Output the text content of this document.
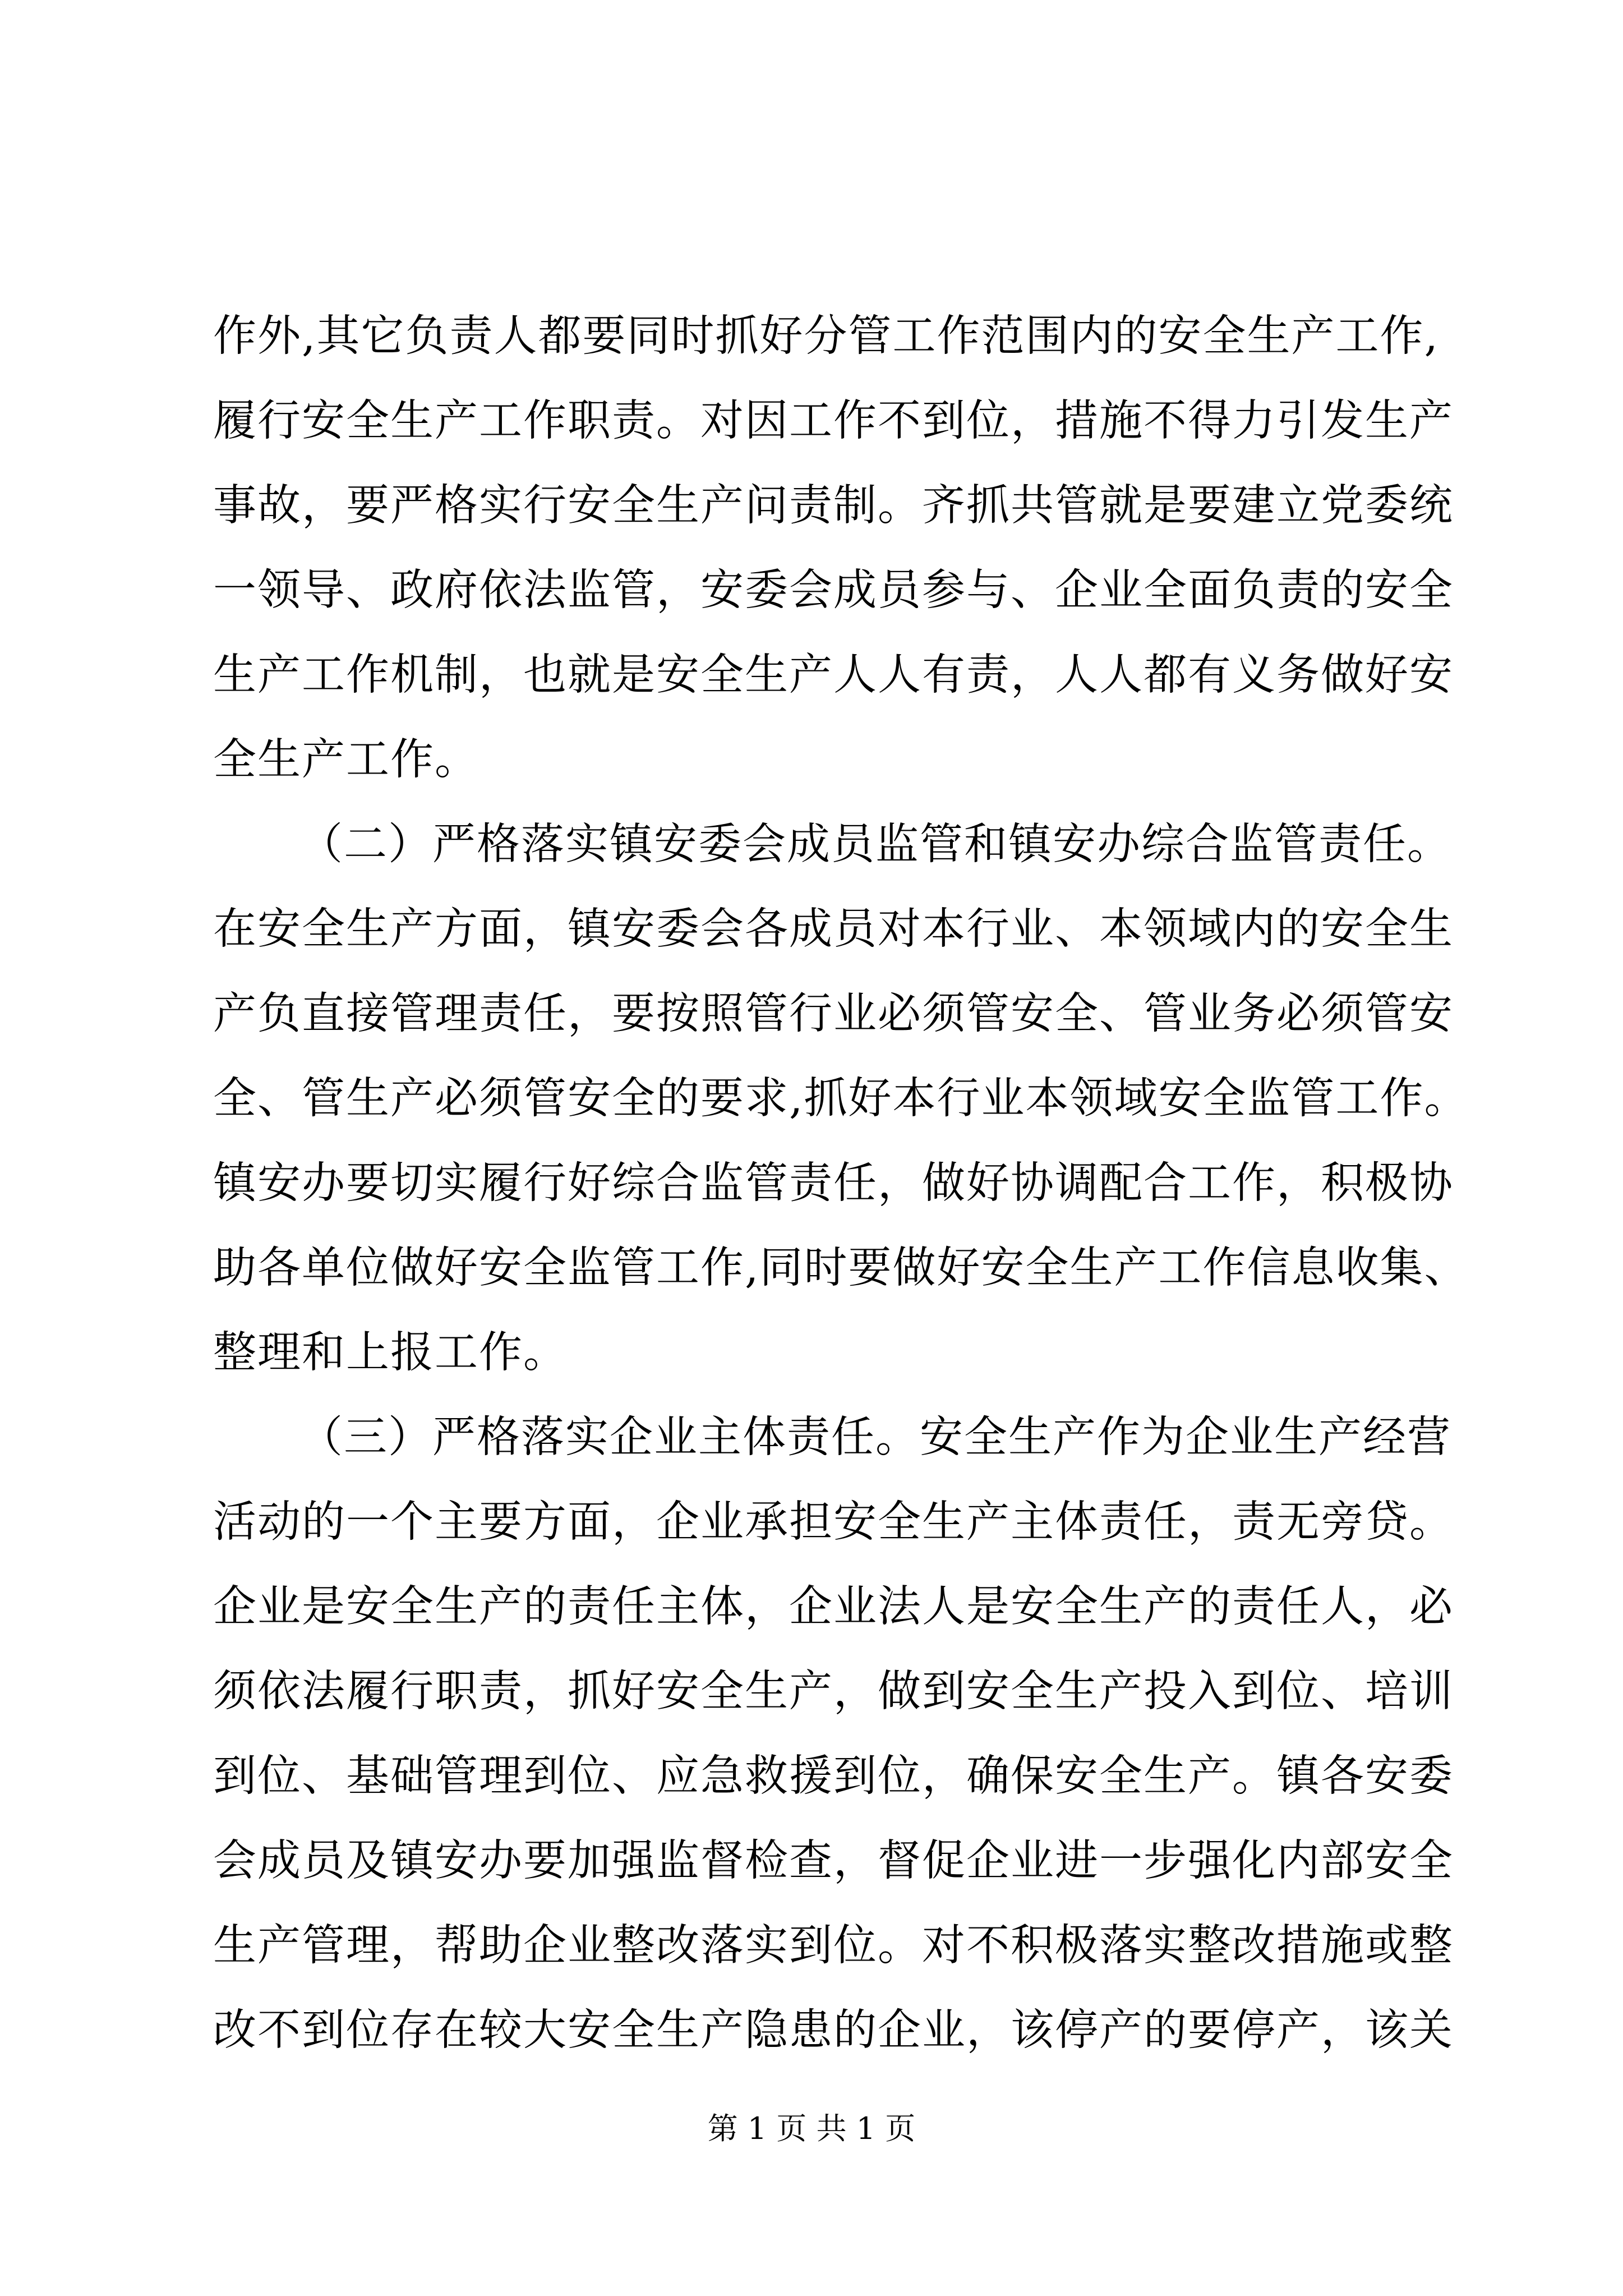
作外,其它负责人都要同时抓好分管工作范围内的安全生产工作,
履行安全生产工作职责。对因工作不到位，措施不得力引发生产
事故，要严格实行安全生产问责制。齐抓共管就是要建立党委统
一领导、政府依法监管，安委会成员参与、企业全面负责的安全
生产工作机制，也就是安全生产人人有责，人人都有义务做好安
全生产工作。
（二）严格落实镇安委会成员监管和镇安办综合监管责任。
在安全生产方面，镇安委会各成员对本行业、本领域内的安全生
产负直接管理责任，要按照管行业必须管安全、管业务必须管安
全、管生产必须管安全的要求,抓好本行业本领域安全监管工作。
镇安办要切实履行好综合监管责任，做好协调配合工作，积极协
助各单位做好安全监管工作,同时要做好安全生产工作信息收集、
整理和上报工作。
（三）严格落实企业主体责任。安全生产作为企业生产经营
活动的一个主要方面，企业承担安全生产主体责任，责无旁贷。
企业是安全生产的责任主体，企业法人是安全生产的责任人，必
须依法履行职责，抓好安全生产，做到安全生产投入到位、培训
到位、基础管理到位、应急救援到位，确保安全生产。镇各安委
会成员及镇安办要加强监督检查，督促企业进一步强化内部安全
生产管理，帮助企业整改落实到位。对不积极落实整改措施或整
改不到位存在较大安全生产隐患的企业，该停产的要停产，该关
第 1 页 共 1 页
